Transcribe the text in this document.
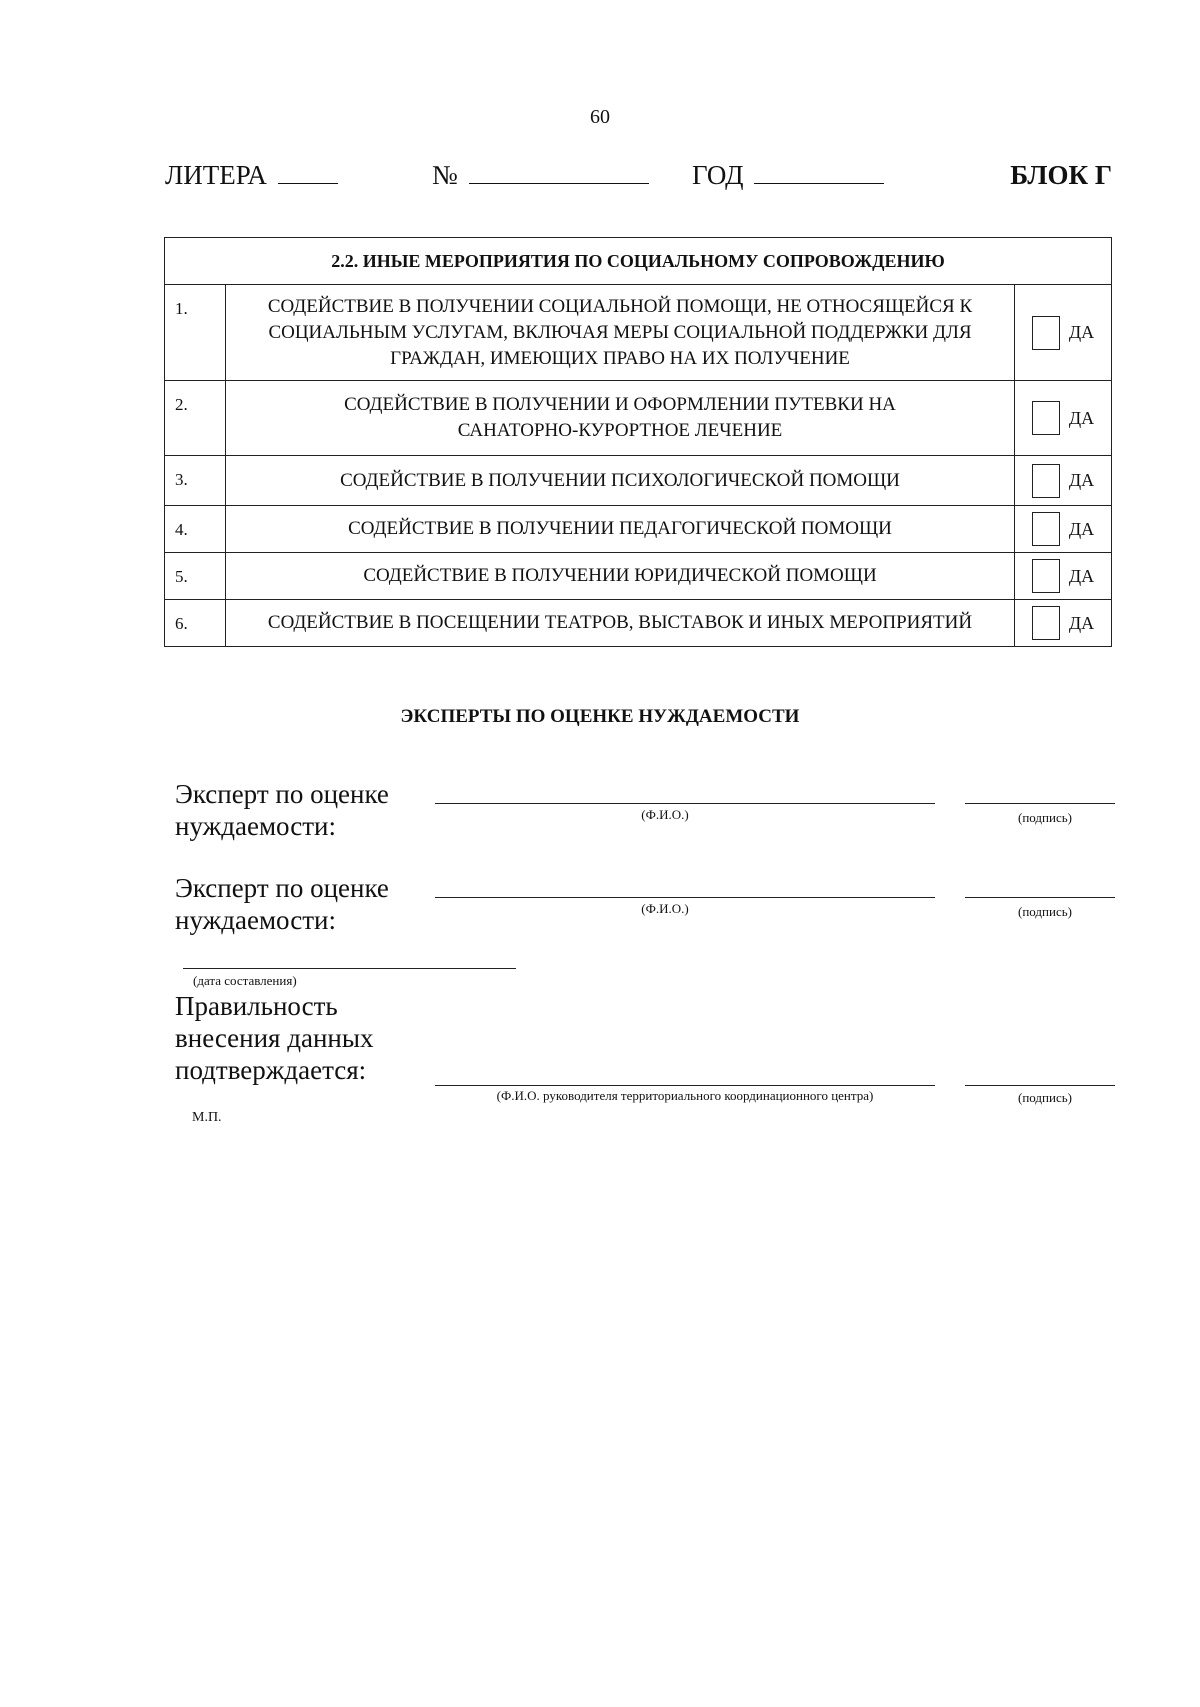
60
ЛИТЕРА	№	ГОД	БЛОК Г
2.2. ИНЫЕ МЕРОПРИЯТИЯ ПО СОЦИАЛЬНОМУ СОПРОВОЖДЕНИЮ		
1.	СОДЕЙСТВИЕ В ПОЛУЧЕНИИ СОЦИАЛЬНОЙ ПОМОЩИ, НЕ ОТНОСЯЩЕЙСЯ К СОЦИАЛЬНЫМ УСЛУГАМ, ВКЛЮЧАЯ МЕРЫ СОЦИАЛЬНОЙ ПОДДЕРЖКИ ДЛЯ ГРАЖДАН, ИМЕЮЩИХ ПРАВО НА ИХ ПОЛУЧЕНИЕ	ДА

2.	СОДЕЙСТВИЕ В ПОЛУЧЕНИИ И ОФОРМЛЕНИИ ПУТЕВКИ НА САНАТОРНО-КУРОРТНОЕ ЛЕЧЕНИЕ	ДА

3.	СОДЕЙСТВИЕ В ПОЛУЧЕНИИ ПСИХОЛОГИЧЕСКОЙ ПОМОЩИ	ДА

4.	СОДЕЙСТВИЕ В ПОЛУЧЕНИИ ПЕДАГОГИЧЕСКОЙ ПОМОЩИ	ДА

5.	СОДЕЙСТВИЕ В ПОЛУЧЕНИИ ЮРИДИЧЕСКОЙ ПОМОЩИ	ДА

6.	СОДЕЙСТВИЕ В ПОСЕЩЕНИИ ТЕАТРОВ, ВЫСТАВОК И ИНЫХ МЕРОПРИЯТИЙ	ДА
ЭКСПЕРТЫ ПО ОЦЕНКЕ НУЖДАЕМОСТИ
Эксперт по оценке
нуждаемости:	(Ф.И.О.)	(подпись)
Эксперт по оценке
нуждаемости:	(Ф.И.О.)	(подпись)
(дата составления)
Правильность
внесения данных
подтверждается:
(Ф.И.О. руководителя территориального координационного центра)	(подпись)
М.П.
